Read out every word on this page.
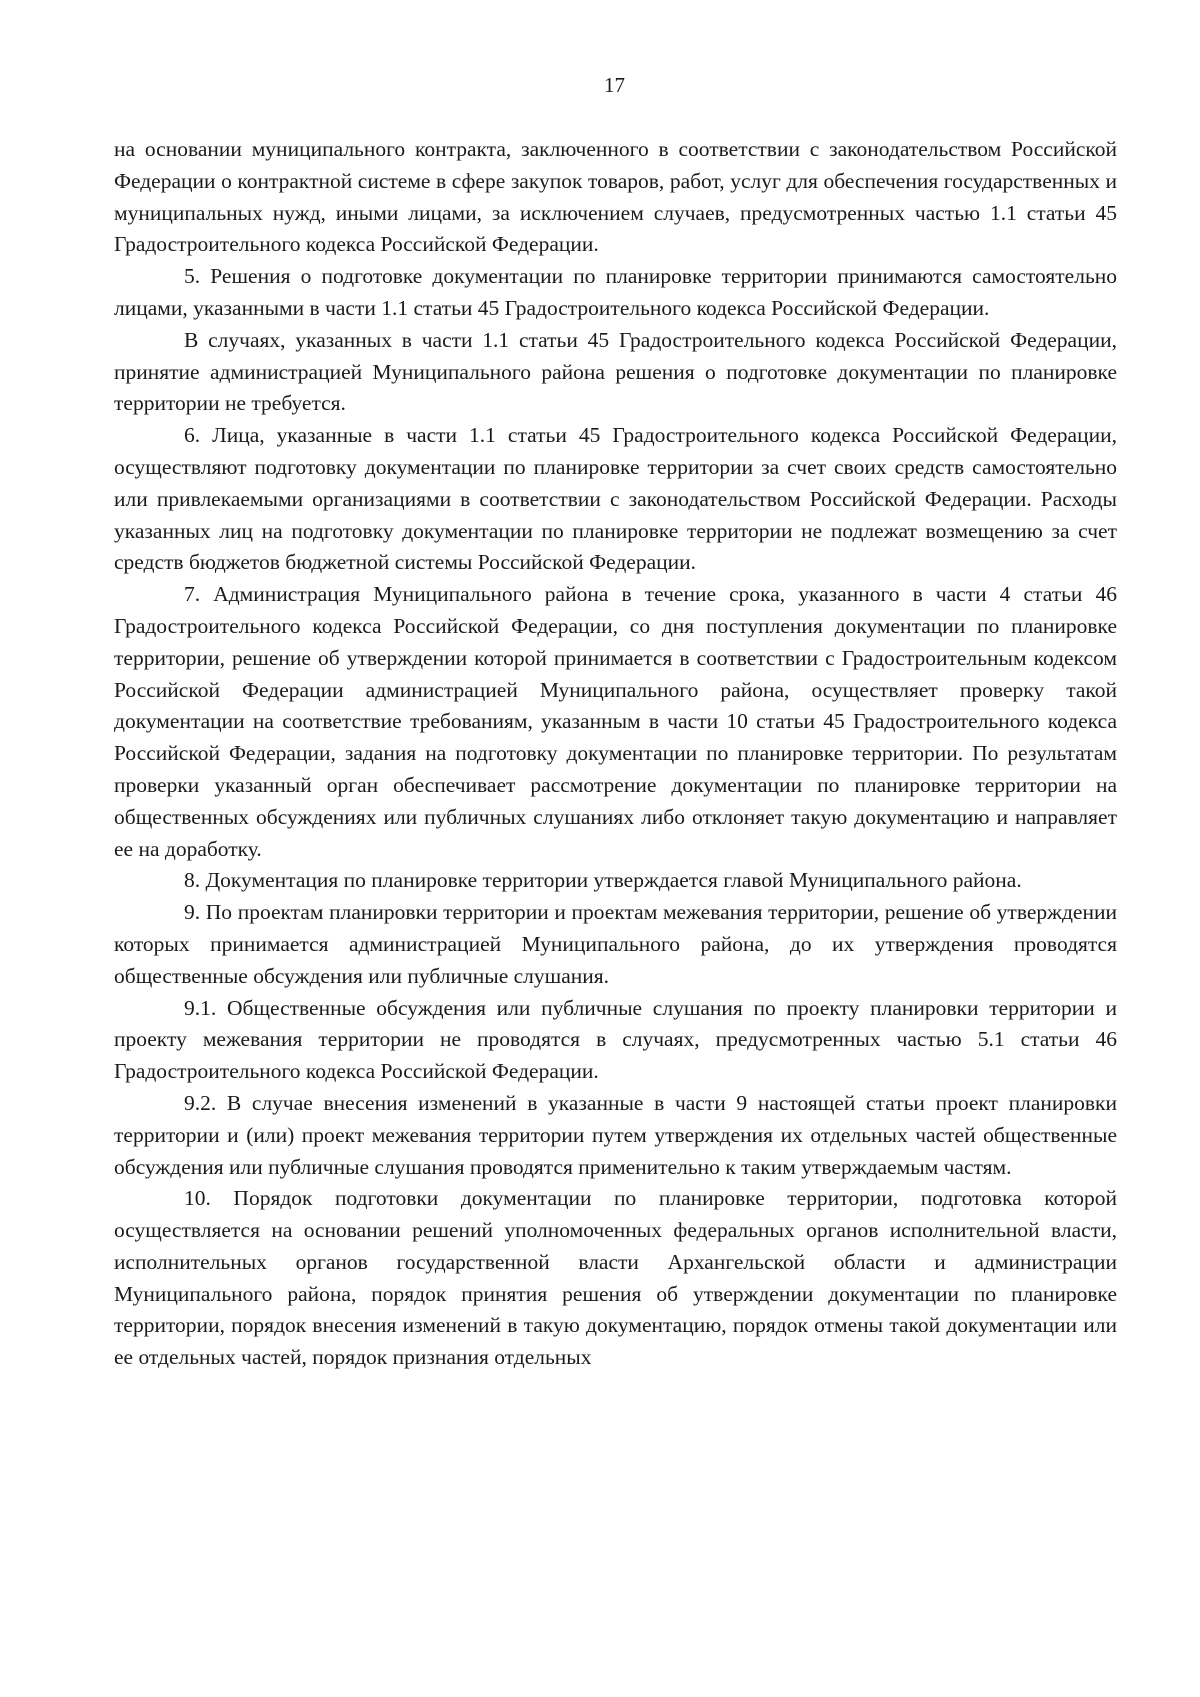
17

на основании муниципального контракта, заключенного в соответствии с законодательством Российской Федерации о контрактной системе в сфере закупок товаров, работ, услуг для обеспечения государственных и муниципальных нужд, иными лицами, за исключением случаев, предусмотренных частью 1.1 статьи 45 Градостроительного кодекса Российской Федерации.

5. Решения о подготовке документации по планировке территории принимаются самостоятельно лицами, указанными в части 1.1 статьи 45 Градостроительного кодекса Российской Федерации.

В случаях, указанных в части 1.1 статьи 45 Градостроительного кодекса Российской Федерации, принятие администрацией Муниципального района решения о подготовке документации по планировке территории не требуется.

6. Лица, указанные в части 1.1 статьи 45 Градостроительного кодекса Российской Федерации, осуществляют подготовку документации по планировке территории за счет своих средств самостоятельно или привлекаемыми организациями в соответствии с законодательством Российской Федерации. Расходы указанных лиц на подготовку документации по планировке территории не подлежат возмещению за счет средств бюджетов бюджетной системы Российской Федерации.

7. Администрация Муниципального района в течение срока, указанного в части 4 статьи 46 Градостроительного кодекса Российской Федерации, со дня поступления документации по планировке территории, решение об утверждении которой принимается в соответствии с Градостроительным кодексом Российской Федерации администрацией Муниципального района, осуществляет проверку такой документации на соответствие требованиям, указанным в части 10 статьи 45 Градостроительного кодекса Российской Федерации, задания на подготовку документации по планировке территории. По результатам проверки указанный орган обеспечивает рассмотрение документации по планировке территории на общественных обсуждениях или публичных слушаниях либо отклоняет такую документацию и направляет ее на доработку.

8. Документация по планировке территории утверждается главой Муниципального района.

9. По проектам планировки территории и проектам межевания территории, решение об утверждении которых принимается администрацией Муниципального района, до их утверждения проводятся общественные обсуждения или публичные слушания.

9.1. Общественные обсуждения или публичные слушания по проекту планировки территории и проекту межевания территории не проводятся в случаях, предусмотренных частью 5.1 статьи 46 Градостроительного кодекса Российской Федерации.

9.2. В случае внесения изменений в указанные в части 9 настоящей статьи проект планировки территории и (или) проект межевания территории путем утверждения их отдельных частей общественные обсуждения или публичные слушания проводятся применительно к таким утверждаемым частям.

10. Порядок подготовки документации по планировке территории, подготовка которой осуществляется на основании решений уполномоченных федеральных органов исполнительной власти, исполнительных органов государственной власти Архангельской области и администрации Муниципального района, порядок принятия решения об утверждении документации по планировке территории, порядок внесения изменений в такую документацию, порядок отмены такой документации или ее отдельных частей, порядок признания отдельных
